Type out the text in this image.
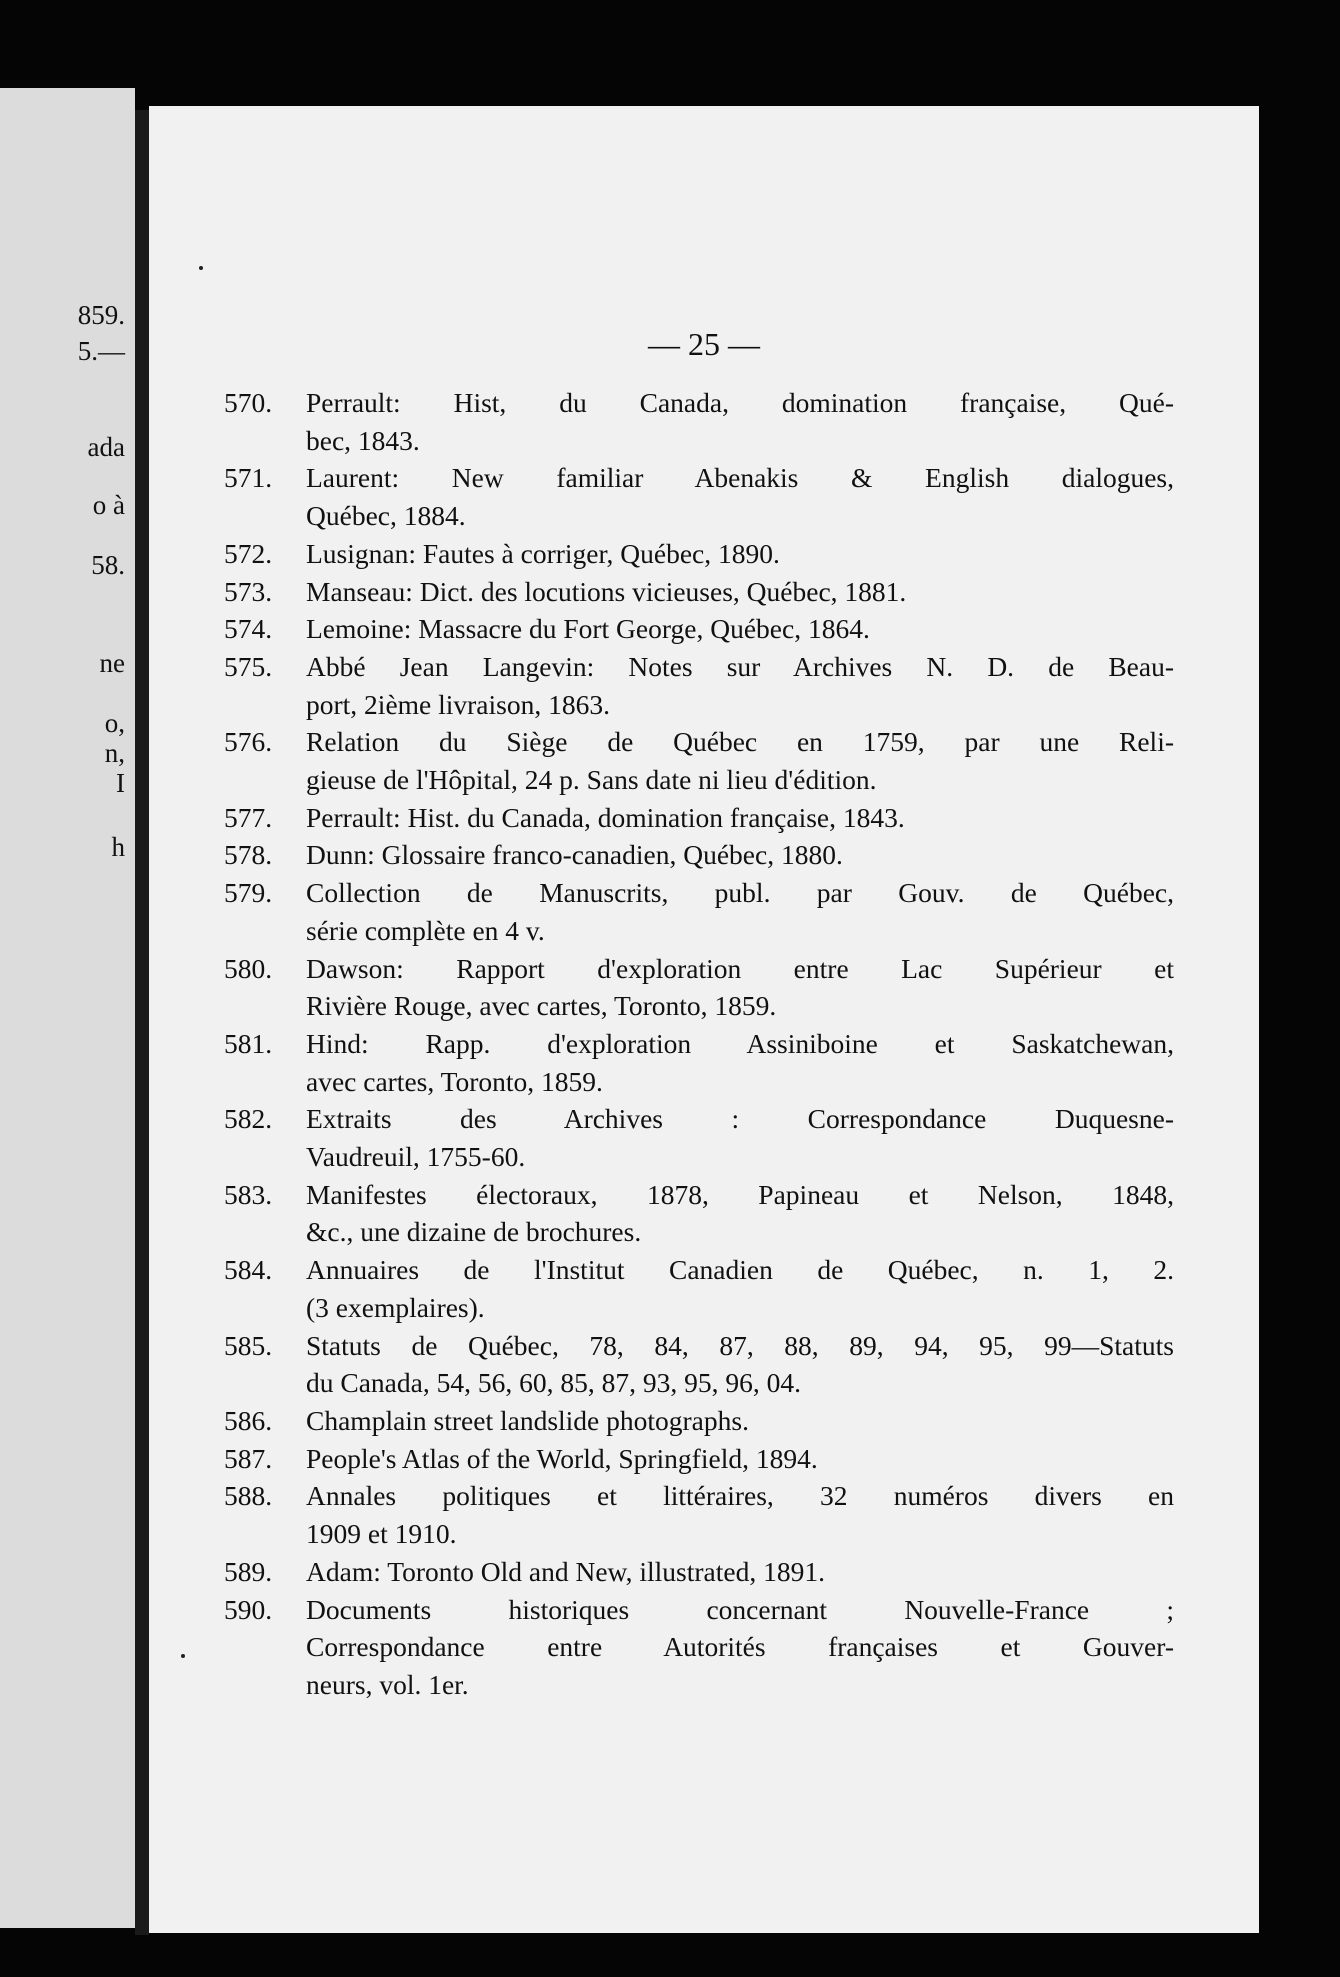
859.
5.—
ada
o à
58.
ne
o,
n,
I
h
— 25 —
570.	Perrault: Hist, du Canada, domination française, Qué-
bec, 1843.
571.	Laurent: New familiar Abenakis & English dialogues,
Québec, 1884.
572.	Lusignan: Fautes à corriger, Québec, 1890.
573.	Manseau: Dict. des locutions vicieuses, Québec, 1881.
574.	Lemoine: Massacre du Fort George, Québec, 1864.
575.	Abbé Jean Langevin: Notes sur Archives N. D. de Beau-
port, 2ième livraison, 1863.
576.	Relation du Siège de Québec en 1759, par une Reli-
gieuse de l'Hôpital, 24 p. Sans date ni lieu d'édition.
577.	Perrault: Hist. du Canada, domination française, 1843.
578.	Dunn: Glossaire franco-canadien, Québec, 1880.
579.	Collection de Manuscrits, publ. par Gouv. de Québec,
série complète en 4 v.
580.	Dawson: Rapport d'exploration entre Lac Supérieur et
Rivière Rouge, avec cartes, Toronto, 1859.
581.	Hind: Rapp. d'exploration Assiniboine et Saskatchewan,
avec cartes, Toronto, 1859.
582.	Extraits des Archives : Correspondance Duquesne-
Vaudreuil, 1755-60.
583.	Manifestes électoraux, 1878, Papineau et Nelson, 1848,
&c., une dizaine de brochures.
584.	Annuaires de l'Institut Canadien de Québec, n. 1, 2.
(3 exemplaires).
585.	Statuts de Québec, 78, 84, 87, 88, 89, 94, 95, 99—Statuts
du Canada, 54, 56, 60, 85, 87, 93, 95, 96, 04.
586.	Champlain street landslide photographs.
587.	People's Atlas of the World, Springfield, 1894.
588.	Annales politiques et littéraires, 32 numéros divers en
1909 et 1910.
589.	Adam: Toronto Old and New, illustrated, 1891.
590.	Documents historiques concernant Nouvelle-France ;
Correspondance entre Autorités françaises et Gouver-
neurs, vol. 1er.
